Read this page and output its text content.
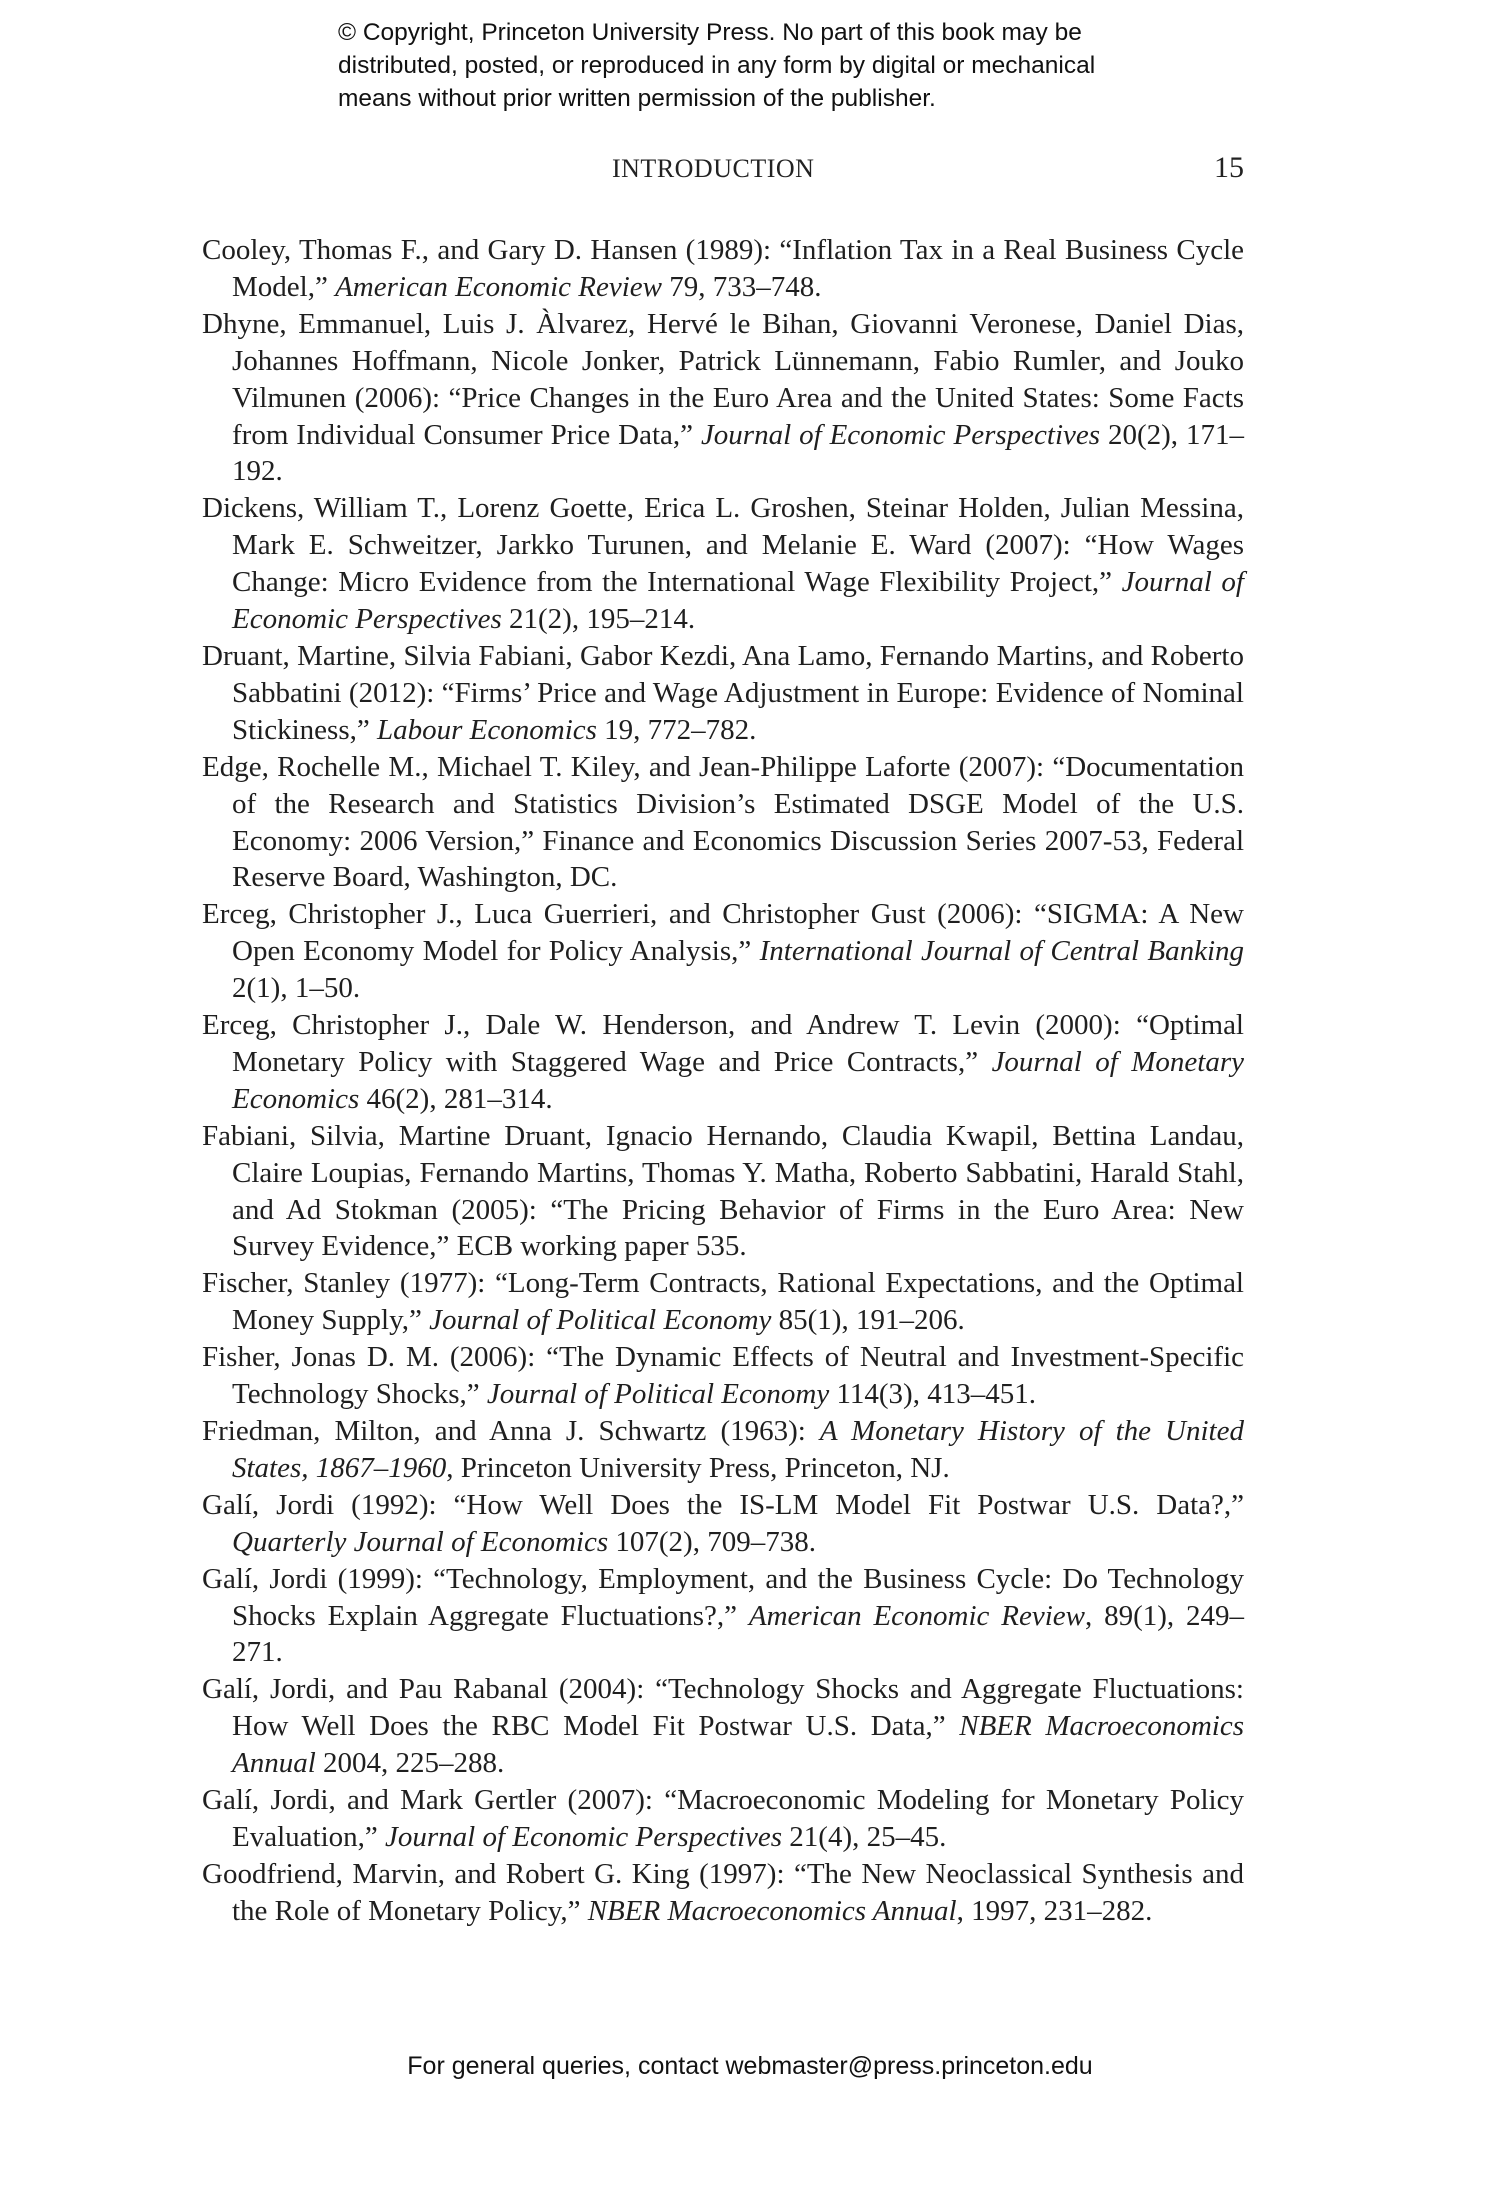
© Copyright, Princeton University Press. No part of this book may be
distributed, posted, or reproduced in any form by digital or mechanical
means without prior written permission of the publisher.
INTRODUCTION	15

Cooley, Thomas F., and Gary D. Hansen (1989): “Inflation Tax in a Real Business Cycle Model,” American Economic Review 79, 733–748.

Dhyne, Emmanuel, Luis J. Àlvarez, Hervé le Bihan, Giovanni Veronese, Daniel Dias, Johannes Hoffmann, Nicole Jonker, Patrick Lünnemann, Fabio Rumler, and Jouko Vilmunen (2006): “Price Changes in the Euro Area and the United States: Some Facts from Individual Consumer Price Data,” Journal of Economic Perspectives 20(2), 171–192.

Dickens, William T., Lorenz Goette, Erica L. Groshen, Steinar Holden, Julian Messina, Mark E. Schweitzer, Jarkko Turunen, and Melanie E. Ward (2007): “How Wages Change: Micro Evidence from the International Wage Flexibility Project,” Journal of Economic Perspectives 21(2), 195–214.

Druant, Martine, Silvia Fabiani, Gabor Kezdi, Ana Lamo, Fernando Martins, and Roberto Sabbatini (2012): “Firms’ Price and Wage Adjustment in Europe: Evidence of Nominal Stickiness,” Labour Economics 19, 772–782.

Edge, Rochelle M., Michael T. Kiley, and Jean-Philippe Laforte (2007): “Documentation of the Research and Statistics Division’s Estimated DSGE Model of the U.S. Economy: 2006 Version,” Finance and Economics Discussion Series 2007-53, Federal Reserve Board, Washington, DC.

Erceg, Christopher J., Luca Guerrieri, and Christopher Gust (2006): “SIGMA: A New Open Economy Model for Policy Analysis,” International Journal of Central Banking 2(1), 1–50.

Erceg, Christopher J., Dale W. Henderson, and Andrew T. Levin (2000): “Optimal Monetary Policy with Staggered Wage and Price Contracts,” Journal of Monetary Economics 46(2), 281–314.

Fabiani, Silvia, Martine Druant, Ignacio Hernando, Claudia Kwapil, Bettina Landau, Claire Loupias, Fernando Martins, Thomas Y. Matha, Roberto Sabbatini, Harald Stahl, and Ad Stokman (2005): “The Pricing Behavior of Firms in the Euro Area: New Survey Evidence,” ECB working paper 535.

Fischer, Stanley (1977): “Long-Term Contracts, Rational Expectations, and the Optimal Money Supply,” Journal of Political Economy 85(1), 191–206.

Fisher, Jonas D. M. (2006): “The Dynamic Effects of Neutral and Investment-Specific Technology Shocks,” Journal of Political Economy 114(3), 413–451.

Friedman, Milton, and Anna J. Schwartz (1963): A Monetary History of the United States, 1867–1960, Princeton University Press, Princeton, NJ.

Galí, Jordi (1992): “How Well Does the IS-LM Model Fit Postwar U.S. Data?,” Quarterly Journal of Economics 107(2), 709–738.

Galí, Jordi (1999): “Technology, Employment, and the Business Cycle: Do Technology Shocks Explain Aggregate Fluctuations?,” American Economic Review, 89(1), 249–271.

Galí, Jordi, and Pau Rabanal (2004): “Technology Shocks and Aggregate Fluctuations: How Well Does the RBC Model Fit Postwar U.S. Data,” NBER Macroeconomics Annual 2004, 225–288.

Galí, Jordi, and Mark Gertler (2007): “Macroeconomic Modeling for Monetary Policy Evaluation,” Journal of Economic Perspectives 21(4), 25–45.

Goodfriend, Marvin, and Robert G. King (1997): “The New Neoclassical Synthesis and the Role of Monetary Policy,” NBER Macroeconomics Annual, 1997, 231–282.

For general queries, contact webmaster@press.princeton.edu
